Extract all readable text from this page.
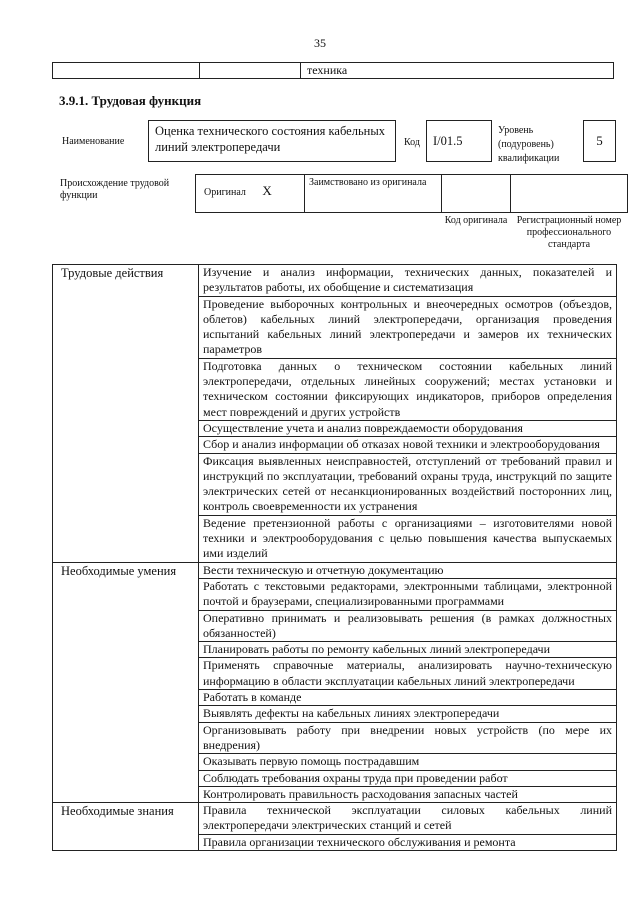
35
		техника
3.9.1. Трудовая функция
Наименование
Оценка технического состояния кабельных линий электропередачи	Код I/01.5
Уровень (подуровень) квалификации
5
Происхождение трудовой функции	Оригинал X	Заимствовано из оригинала		
		Код оригинала	Регистрационный номер профессионального стандарта
Трудовые действия	Изучение и анализ информации, технических данных, показателей и результатов работы, их обобщение и систематизация
	Проведение выборочных контрольных и внеочередных осмотров (объездов, облетов) кабельных линий электропередачи, организация проведения испытаний кабельных линий электропередачи и замеров их технических параметров
	Подготовка данных о техническом состоянии кабельных линий электропередачи, отдельных линейных сооружений; местах установки и техническом состоянии фиксирующих индикаторов, приборов определения мест повреждений и других устройств
	Осуществление учета и анализ повреждаемости оборудования
	Сбор и анализ информации об отказах новой техники и электрооборудования
	Фиксация выявленных неисправностей, отступлений от требований правил и инструкций по эксплуатации, требований охраны труда, инструкций по защите электрических сетей от несанкционированных воздействий посторонних лиц, контроль своевременности их устранения
	Ведение претензионной работы с организациями – изготовителями новой техники и электрооборудования с целью повышения качества выпускаемых ими изделий
Необходимые умения	Вести техническую и отчетную документацию
	Работать с текстовыми редакторами, электронными таблицами, электронной почтой и браузерами, специализированными программами
	Оперативно принимать и реализовывать решения (в рамках должностных обязанностей)
	Планировать работы по ремонту кабельных линий электропередачи
	Применять справочные материалы, анализировать научно-техническую информацию в области эксплуатации кабельных линий электропередачи
	Работать в команде
	Выявлять дефекты на кабельных линиях электропередачи
	Организовывать работу при внедрении новых устройств (по мере их внедрения)
	Оказывать первую помощь пострадавшим
	Соблюдать требования охраны труда при проведении работ
	Контролировать правильность расходования запасных частей
Необходимые знания	Правила технической эксплуатации силовых кабельных линий электропередачи электрических станций и сетей
	Правила организации технического обслуживания и ремонта
